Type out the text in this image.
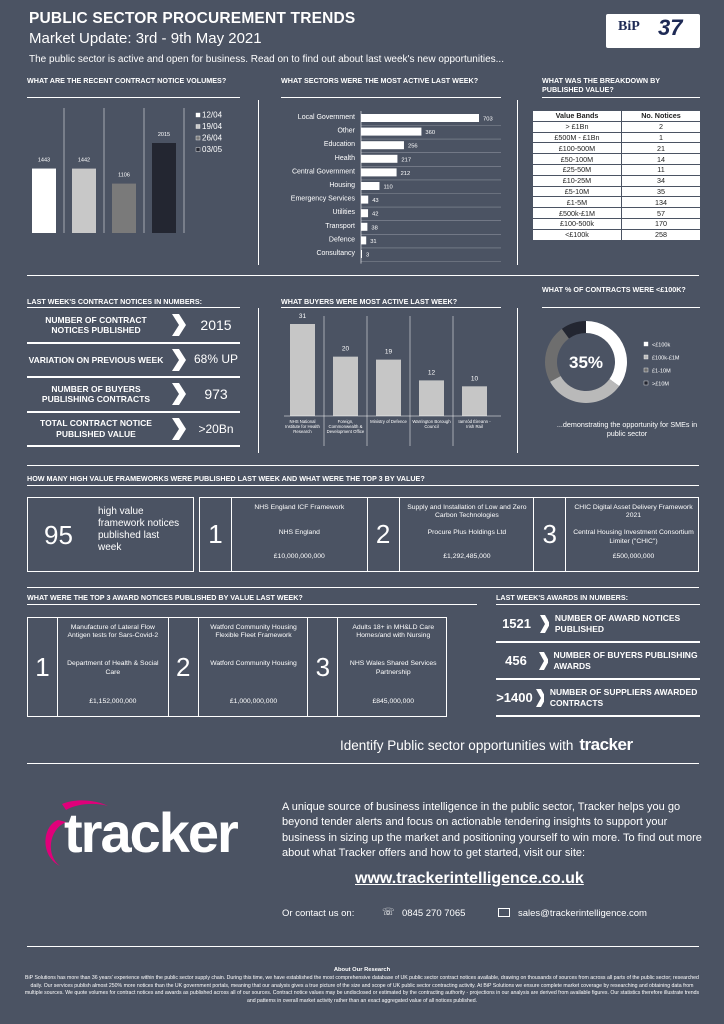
PUBLIC SECTOR PROCUREMENT TRENDS
Market Update: 3rd - 9th May 2021
The public sector is active and open for business. Read on to find out about last week's new opportunities...
BiP 37
WHAT ARE THE RECENT CONTRACT NOTICE VOLUMES?	WHAT SECTORS WERE THE MOST ACTIVE LAST WEEK?	WHAT WAS THE BREAKDOWN BY PUBLISHED VALUE?
1443	1442
1106
2015
12/04
19/04
26/04
03/05
Local Government	703
Other	360
Education	256
Health	217
Central Government	212
Housing	110
Emergency Services	43
Utilities	42
Transport	38
Defence	31
Consultancy 3
Value Bands	No. Notices
> £1Bn	2
£500M - £1Bn	1
£100-500M	21
£50-100M	14
£25-50M	11
£10-25M	34
£5-10M	35
£1-5M	134
£500k-£1M	57
£100-500k	170
<£100k	258
LAST WEEK'S CONTRACT NOTICES IN NUMBERS:	WHAT BUYERS WERE MOST ACTIVE LAST WEEK?
WHAT % OF CONTRACTS WERE <£100K?
NUMBER OF CONTRACT NOTICES PUBLISHED	2015
VARIATION ON PREVIOUS WEEK	68% UP
NUMBER OF BUYERS PUBLISHING CONTRACTS	973
TOTAL CONTRACT NOTICE PUBLISHED VALUE	>20Bn
31
NHS National Institute for Health Research
20
Foreign, Commonwealth & Development Office
19
Ministry of Defence
12
Warrington Borough Council
10
Iarnród Éireann - Irish Rail
35%
<£100k
£100k-£1M
£1-10M
>£10M
...demonstrating the opportunity for SMEs in public sector
HOW MANY HIGH VALUE FRAMEWORKS WERE PUBLISHED LAST WEEK AND WHAT WERE THE TOP 3 BY VALUE?
95
high value framework notices published last week	1
NHS England ICF Framework
NHS England
£10,000,000,000
2
Supply and Installation of Low and Zero Carbon Technologies
Procure Plus Holdings Ltd
£1,292,485,000
3
CHIC Digital Asset Delivery Framework 2021
Central Housing Investment Consortium Limiter ("CHIC")
£500,000,000
WHAT WERE THE TOP 3 AWARD NOTICES PUBLISHED BY VALUE LAST WEEK?	LAST WEEK'S AWARDS IN NUMBERS:
1
Manufacture of Lateral Flow Antigen tests for Sars-Covid-2
Department of Health & Social Care
£1,152,000,000
2
Watford Community Housing Flexible Fleet Framework
Watford Community Housing
£1,000,000,000
3
Adults 18+ in MH&LD Care Homes/and with Nursing
NHS Wales Shared Services Partnership
£845,000,000
1521	NUMBER OF AWARD NOTICES PUBLISHED
456	NUMBER OF BUYERS PUBLISHING AWARDS
>1400 NUMBER OF SUPPLIERS AWARDED CONTRACTS
Identify Public sector opportunities with tracker
tracker	A unique source of business intelligence in the public sector, Tracker helps you go beyond tender alerts and focus on actionable tendering insights to support your business in sizing up the market and positioning yourself to win more. To find out more about what Tracker offers and how to get started, visit our site:
www.trackerintelligence.co.uk
Or contact us on:	☏ 0845 270 7065	sales@trackerintelligence.com
About Our Research
BiP Solutions has more than 36 years' experience within the public sector supply chain. During this time, we have established the most comprehensive database of UK public sector contract notices available, drawing on thousands of sources from across all parts of the public sector; researched daily. Our services publish almost 250% more notices than the UK government portals, meaning that our analysis gives a true picture of the size and scope of UK public sector contracting activity. At BiP Solutions we ensure complete market coverage by researching and obtaining data from multiple sources. We quote volumes for contract notices and awards as published across all of our sources. Contract notice values may be undisclosed or estimated by the contracting authority - projections in our analysis are derived from available figures. Our statistics therefore illustrate trends and patterns in overall market activity rather than an exact aggregated value of all notices published.
